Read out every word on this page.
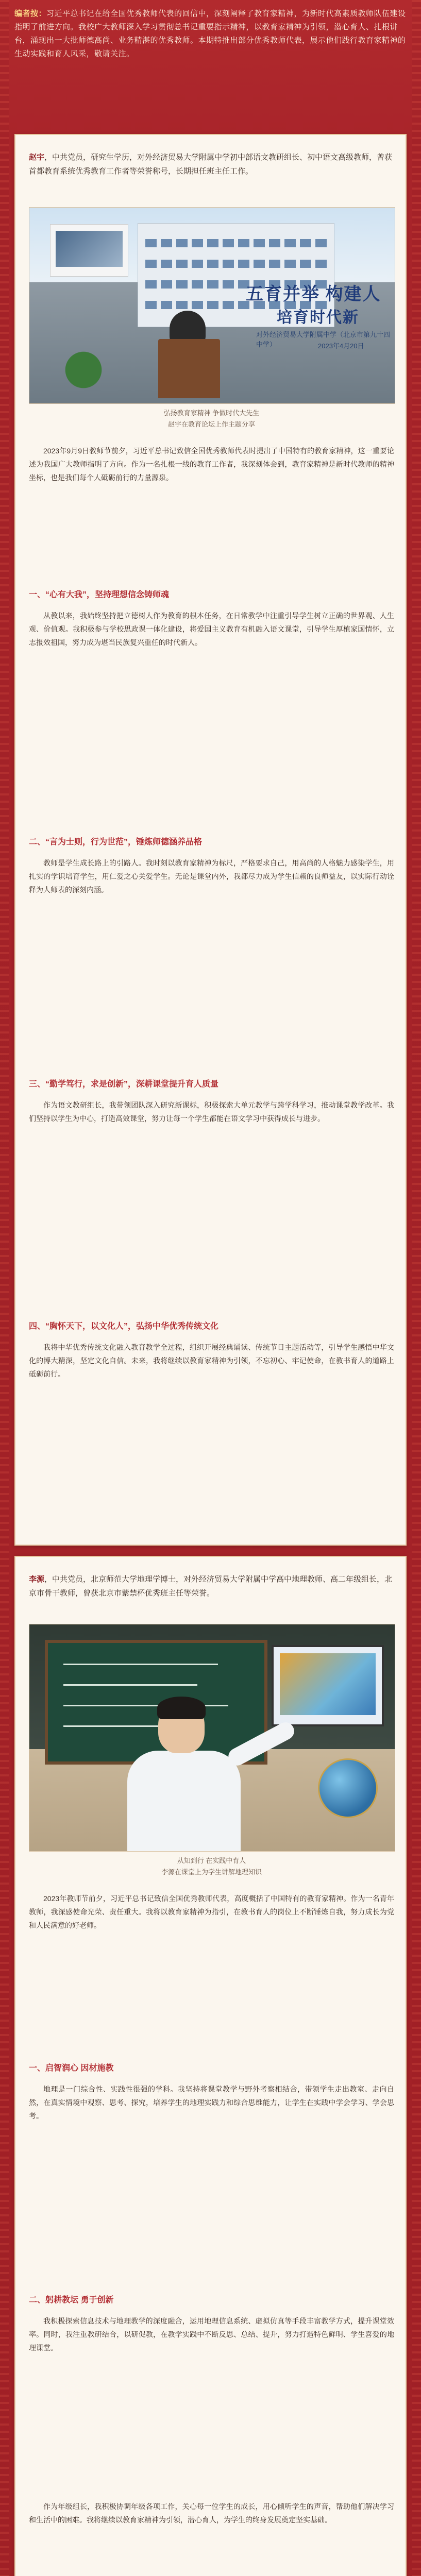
编者按：习近平总书记在给全国优秀教师代表的回信中，深刻阐释了教育家精神，为新时代高素质教师队伍建设指明了前进方向。我校广大教师深入学习贯彻总书记重要指示精神，以教育家精神为引领，潜心育人、扎根讲台，涌现出一大批师德高尚、业务精湛的优秀教师。本期特推出部分优秀教师代表，展示他们践行教育家精神的生动实践和育人风采，敬请关注。
赵宇，中共党员，研究生学历，对外经济贸易大学附属中学初中部语文教研组长、初中语文高级教师，曾获首都教育系统优秀教育工作者等荣誉称号，长期担任班主任工作。
五育并举 构建人
培育时代新
对外经济贸易大学附属中学（北京市第九十四中学）	2023年4月20日
弘扬教育家精神 争做时代大先生
赵宇在教育论坛上作主题分享
2023年9月9日教师节前夕，习近平总书记致信全国优秀教师代表时提出了中国特有的教育家精神，这一重要论述为我国广大教师指明了方向。作为一名扎根一线的教育工作者，我深刻体会到，教育家精神是新时代教师的精神坐标，也是我们每个人砥砺前行的力量源泉。
一、“心有大我”，坚持理想信念铸师魂
从教以来，我始终坚持把立德树人作为教育的根本任务，在日常教学中注重引导学生树立正确的世界观、人生观、价值观。我积极参与学校思政课一体化建设，将爱国主义教育有机融入语文课堂，引导学生厚植家国情怀，立志报效祖国，努力成为堪当民族复兴重任的时代新人。
二、“言为士则，行为世范”，锤炼师德涵养品格
教师是学生成长路上的引路人。我时刻以教育家精神为标尺，严格要求自己，用高尚的人格魅力感染学生，用扎实的学识培育学生，用仁爱之心关爱学生。无论是课堂内外，我都尽力成为学生信赖的良师益友，以实际行动诠释为人师表的深刻内涵。
三、“勤学笃行，求是创新”，深耕课堂提升育人质量
作为语文教研组长，我带领团队深入研究新课标，积极探索大单元教学与跨学科学习，推动课堂教学改革。我们坚持以学生为中心，打造高效课堂，努力让每一个学生都能在语文学习中获得成长与进步。
四、“胸怀天下，以文化人”，弘扬中华优秀传统文化
我将中华优秀传统文化融入教育教学全过程，组织开展经典诵读、传统节日主题活动等，引导学生感悟中华文化的博大精深，坚定文化自信。未来，我将继续以教育家精神为引领，不忘初心、牢记使命，在教书育人的道路上砥砺前行。
李源，中共党员，北京师范大学地理学博士，对外经济贸易大学附属中学高中地理教师、高二年级组长，北京市骨干教师，曾获北京市紫禁杯优秀班主任等荣誉。
从知到行 在实践中育人
李源在课堂上为学生讲解地理知识
2023年教师节前夕，习近平总书记致信全国优秀教师代表，高度概括了中国特有的教育家精神。作为一名青年教师，我深感使命光荣、责任重大。我将以教育家精神为指引，在教书育人的岗位上不断锤炼自我，努力成长为党和人民满意的好老师。
一、启智润心 因材施教
地理是一门综合性、实践性很强的学科。我坚持将课堂教学与野外考察相结合，带领学生走出教室、走向自然，在真实情境中观察、思考、探究，培养学生的地理实践力和综合思维能力，让学生在实践中学会学习、学会思考。
二、躬耕教坛 勇于创新
我积极探索信息技术与地理教学的深度融合，运用地理信息系统、虚拟仿真等手段丰富教学方式，提升课堂效率。同时，我注重教研结合，以研促教，在教学实践中不断反思、总结、提升，努力打造特色鲜明、学生喜爱的地理课堂。
作为年级组长，我积极协调年级各项工作，关心每一位学生的成长，用心倾听学生的声音，帮助他们解决学习和生活中的困难。我将继续以教育家精神为引领，潜心育人，为学生的终身发展奠定坚实基础。
